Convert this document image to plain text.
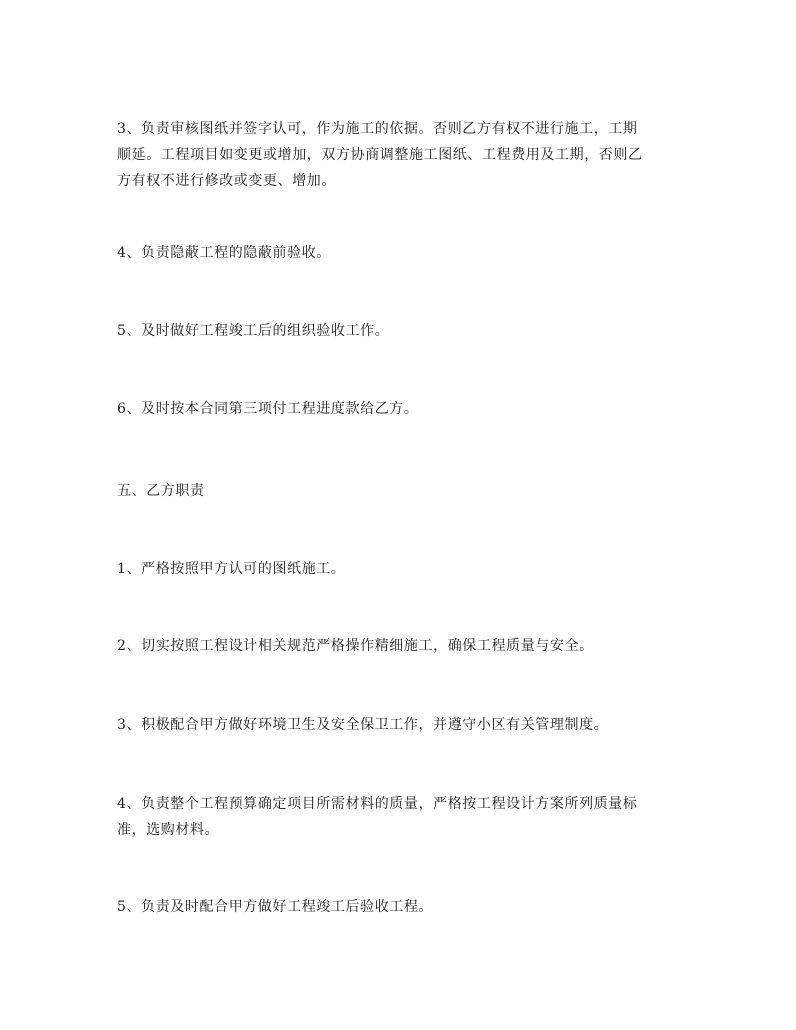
3、负责审核图纸并签字认可，作为施工的依据。否则乙方有权不进行施工，工期
顺延。工程项目如变更或增加，双方协商调整施工图纸、工程费用及工期，否则乙
方有权不进行修改或变更、增加。

4、负责隐蔽工程的隐蔽前验收。

5、及时做好工程竣工后的组织验收工作。

6、及时按本合同第三项付工程进度款给乙方。

五、乙方职责

1、严格按照甲方认可的图纸施工。

2、切实按照工程设计相关规范严格操作精细施工，确保工程质量与安全。

3、积极配合甲方做好环境卫生及安全保卫工作，并遵守小区有关管理制度。

4、负责整个工程预算确定项目所需材料的质量，严格按工程设计方案所列质量标
准，选购材料。

5、负责及时配合甲方做好工程竣工后验收工程。
